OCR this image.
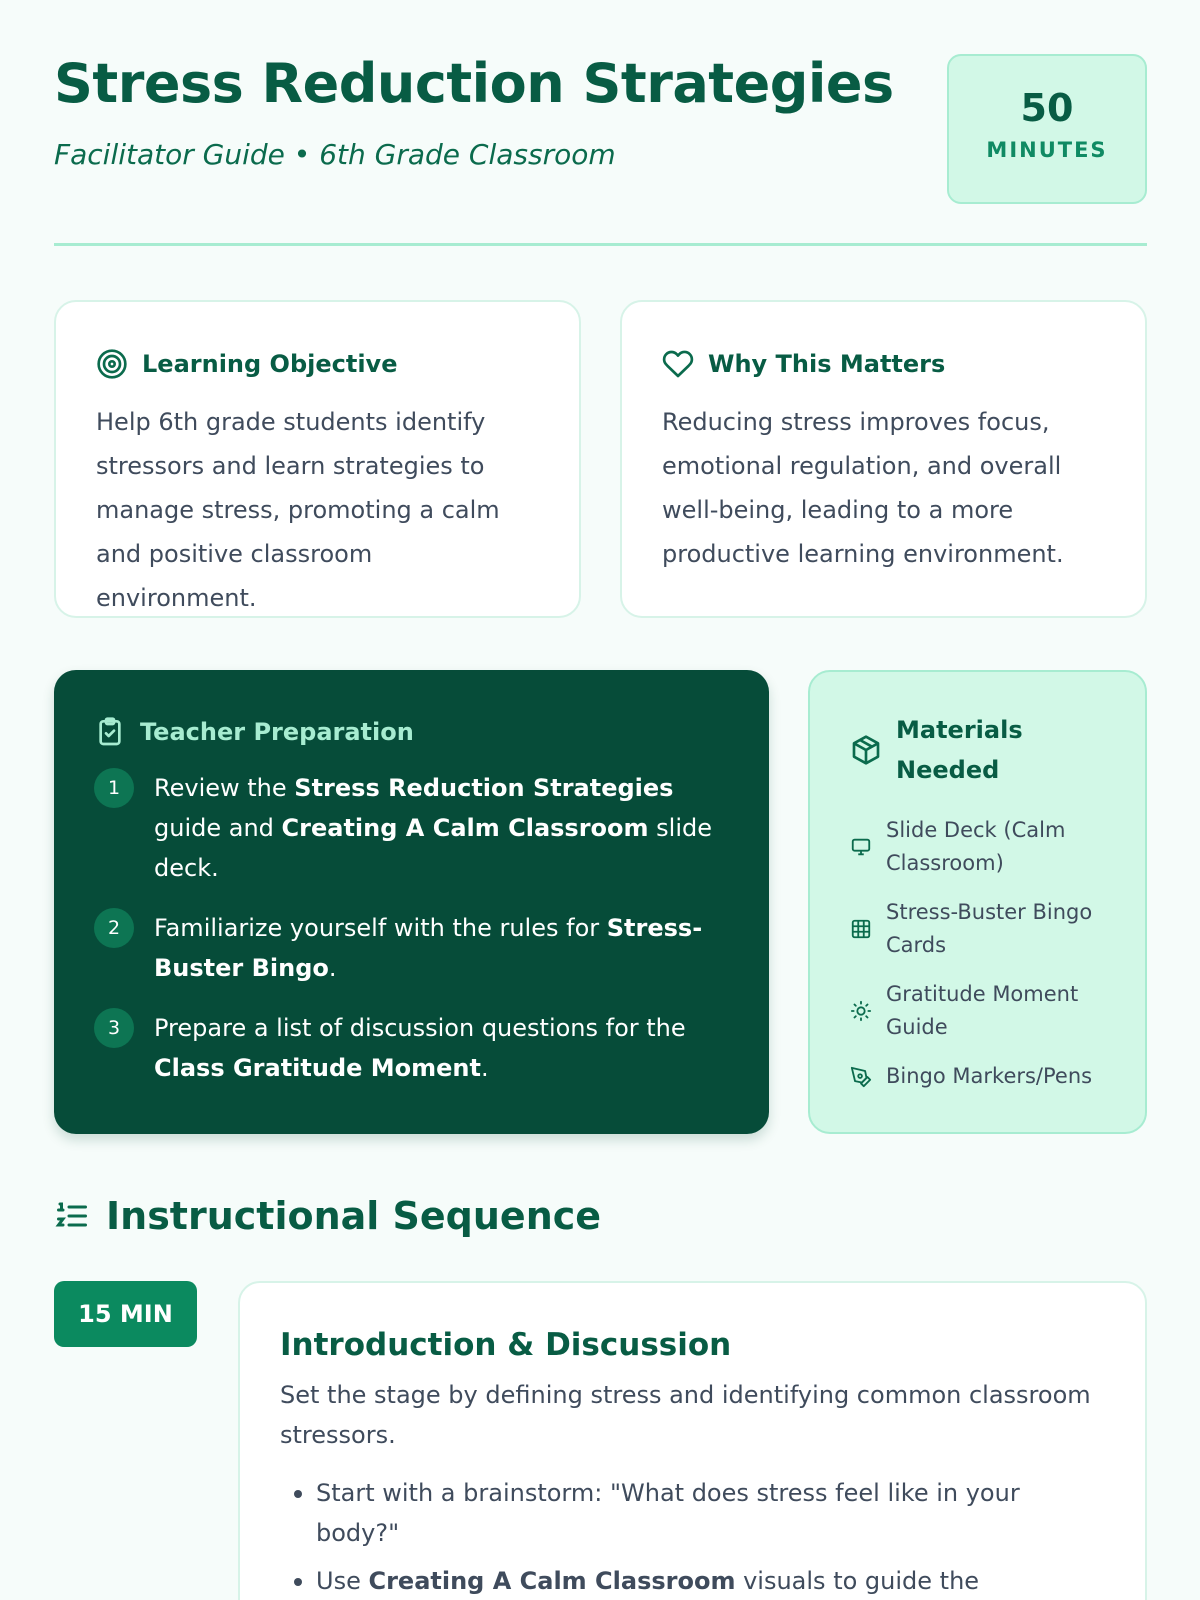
Stress Reduction Strategies
Facilitator Guide • 6th Grade Classroom
50
MINUTES
Learning Objective

Help 6th grade students identify stressors and learn strategies to manage stress, promoting a calm and positive classroom environment.

Why This Matters

Reducing stress improves focus, emotional regulation, and overall well-being, leading to a more productive learning environment.

Teacher Preparation
1	Review the Stress Reduction Strategies guide and Creating A Calm Classroom slide deck.
2	Familiarize yourself with the rules for Stress-Buster Bingo.
3	Prepare a list of discussion questions for the Class Gratitude Moment.
Materials Needed
Slide Deck (Calm Classroom)
Stress-Buster Bingo Cards
Gratitude Moment Guide
Bingo Markers/Pens
Instructional Sequence
15 MIN
Introduction & Discussion

Set the stage by defining stress and identifying common classroom stressors.

Start with a brainstorm: "What does stress feel like in your body?"
Use Creating A Calm Classroom visuals to guide the
